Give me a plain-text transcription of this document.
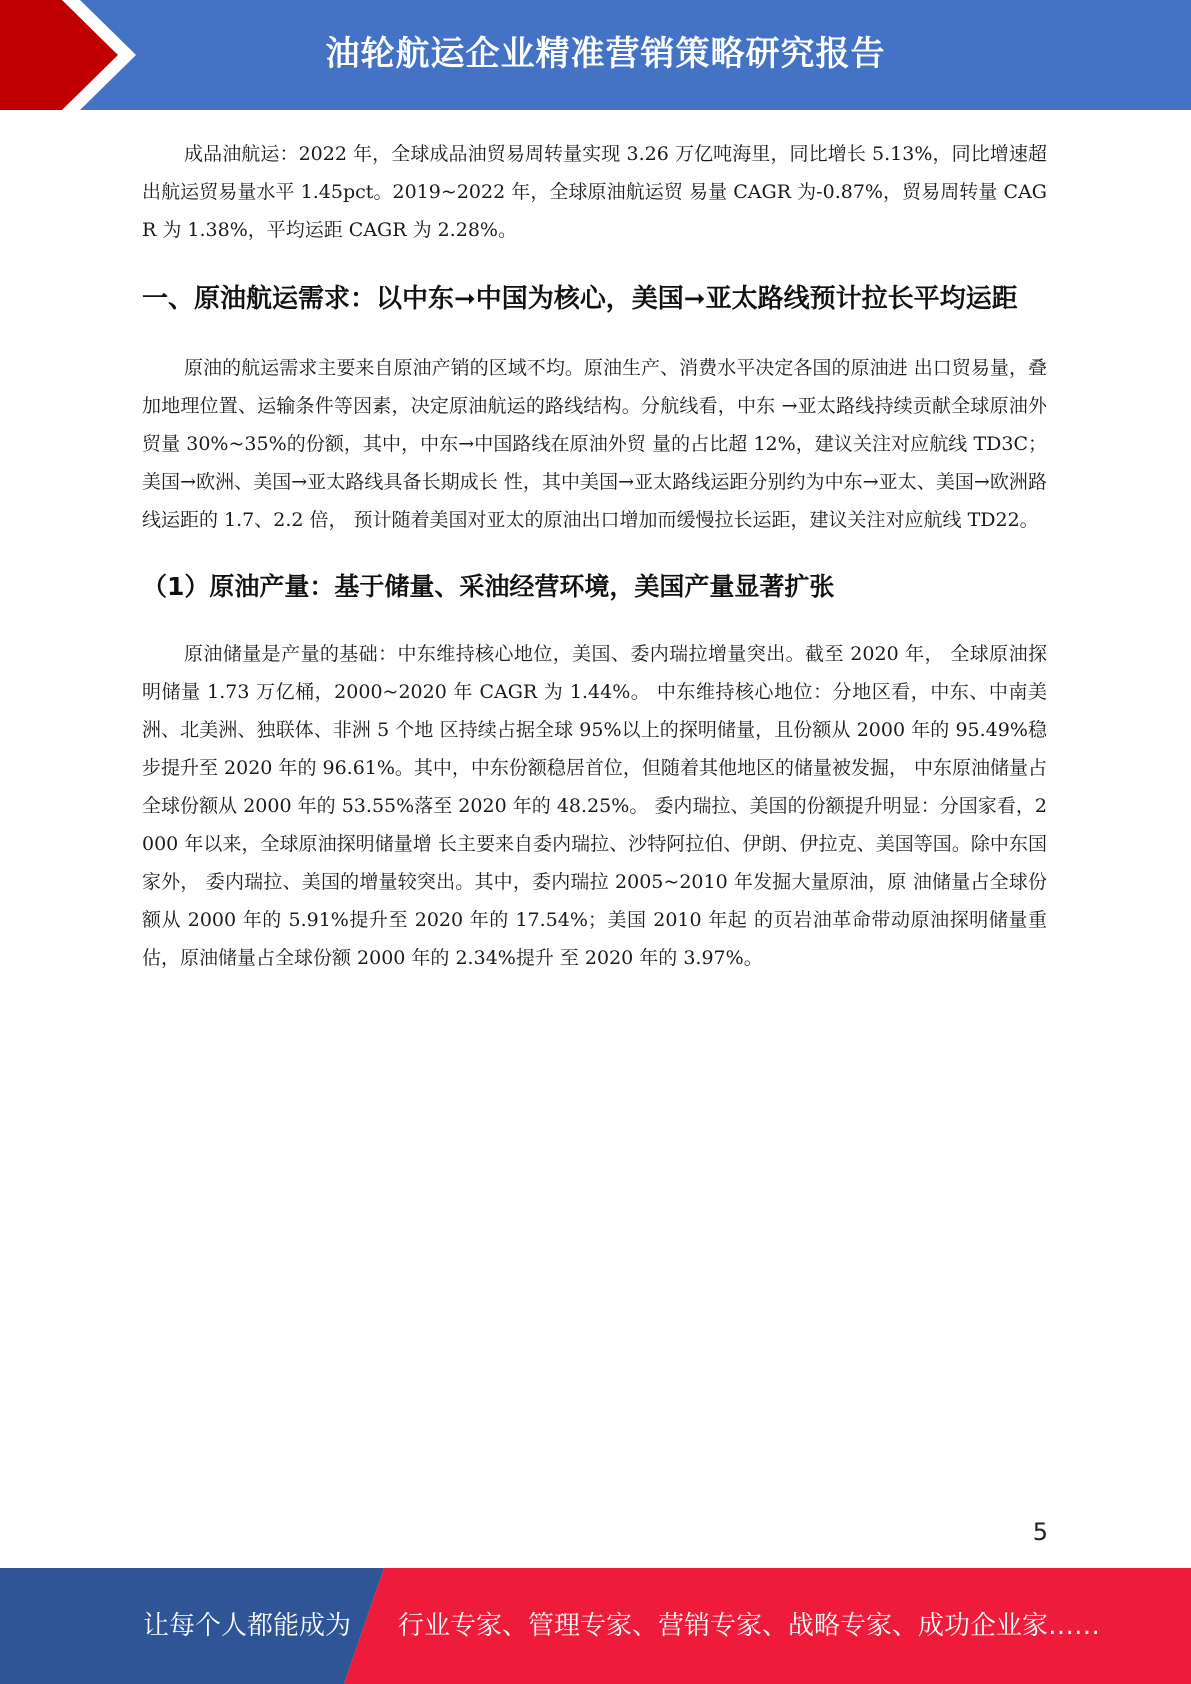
油轮航运企业精准营销策略研究报告

成品油航运：2022 年，全球成品油贸易周转量实现 3.26 万亿吨海里，同比增长 5.13%，同比增速超出航运贸易量水平 1.45pct。2019~2022 年，全球原油航运贸 易量 CAGR 为-0.87%，贸易周转量 CAGR 为 1.38%，平均运距 CAGR 为 2.28%。

一、原油航运需求：以中东➞中国为核心，美国➞亚太路线预计拉长平均运距

原油的航运需求主要来自原油产销的区域不均。原油生产、消费水平决定各国的原油进 出口贸易量，叠加地理位置、运输条件等因素，决定原油航运的路线结构。分航线看，中东 →亚太路线持续贡献全球原油外贸量 30%~35%的份额，其中，中东→中国路线在原油外贸 量的占比超 12%，建议关注对应航线 TD3C；美国→欧洲、美国→亚太路线具备长期成长 性，其中美国→亚太路线运距分别约为中东→亚太、美国→欧洲路线运距的 1.7、2.2 倍， 预计随着美国对亚太的原油出口增加而缓慢拉长运距，建议关注对应航线 TD22。

（1）原油产量：基于储量、采油经营环境，美国产量显著扩张

原油储量是产量的基础：中东维持核心地位，美国、委内瑞拉增量突出。截至 2020 年， 全球原油探明储量 1.73 万亿桶，2000~2020 年 CAGR 为 1.44%。 中东维持核心地位：分地区看，中东、中南美洲、北美洲、独联体、非洲 5 个地 区持续占据全球 95%以上的探明储量，且份额从 2000 年的 95.49%稳步提升至 2020 年的 96.61%。其中，中东份额稳居首位，但随着其他地区的储量被发掘， 中东原油储量占全球份额从 2000 年的 53.55%落至 2020 年的 48.25%。 委内瑞拉、美国的份额提升明显：分国家看，2000 年以来，全球原油探明储量增 长主要来自委内瑞拉、沙特阿拉伯、伊朗、伊拉克、美国等国。除中东国家外， 委内瑞拉、美国的增量较突出。其中，委内瑞拉 2005~2010 年发掘大量原油，原 油储量占全球份额从 2000 年的 5.91%提升至 2020 年的 17.54%；美国 2010 年起 的页岩油革命带动原油探明储量重估，原油储量占全球份额 2000 年的 2.34%提升 至 2020 年的 3.97%。

5
让每个人都能成为 行业专家、管理专家、营销专家、战略专家、成功企业家……
